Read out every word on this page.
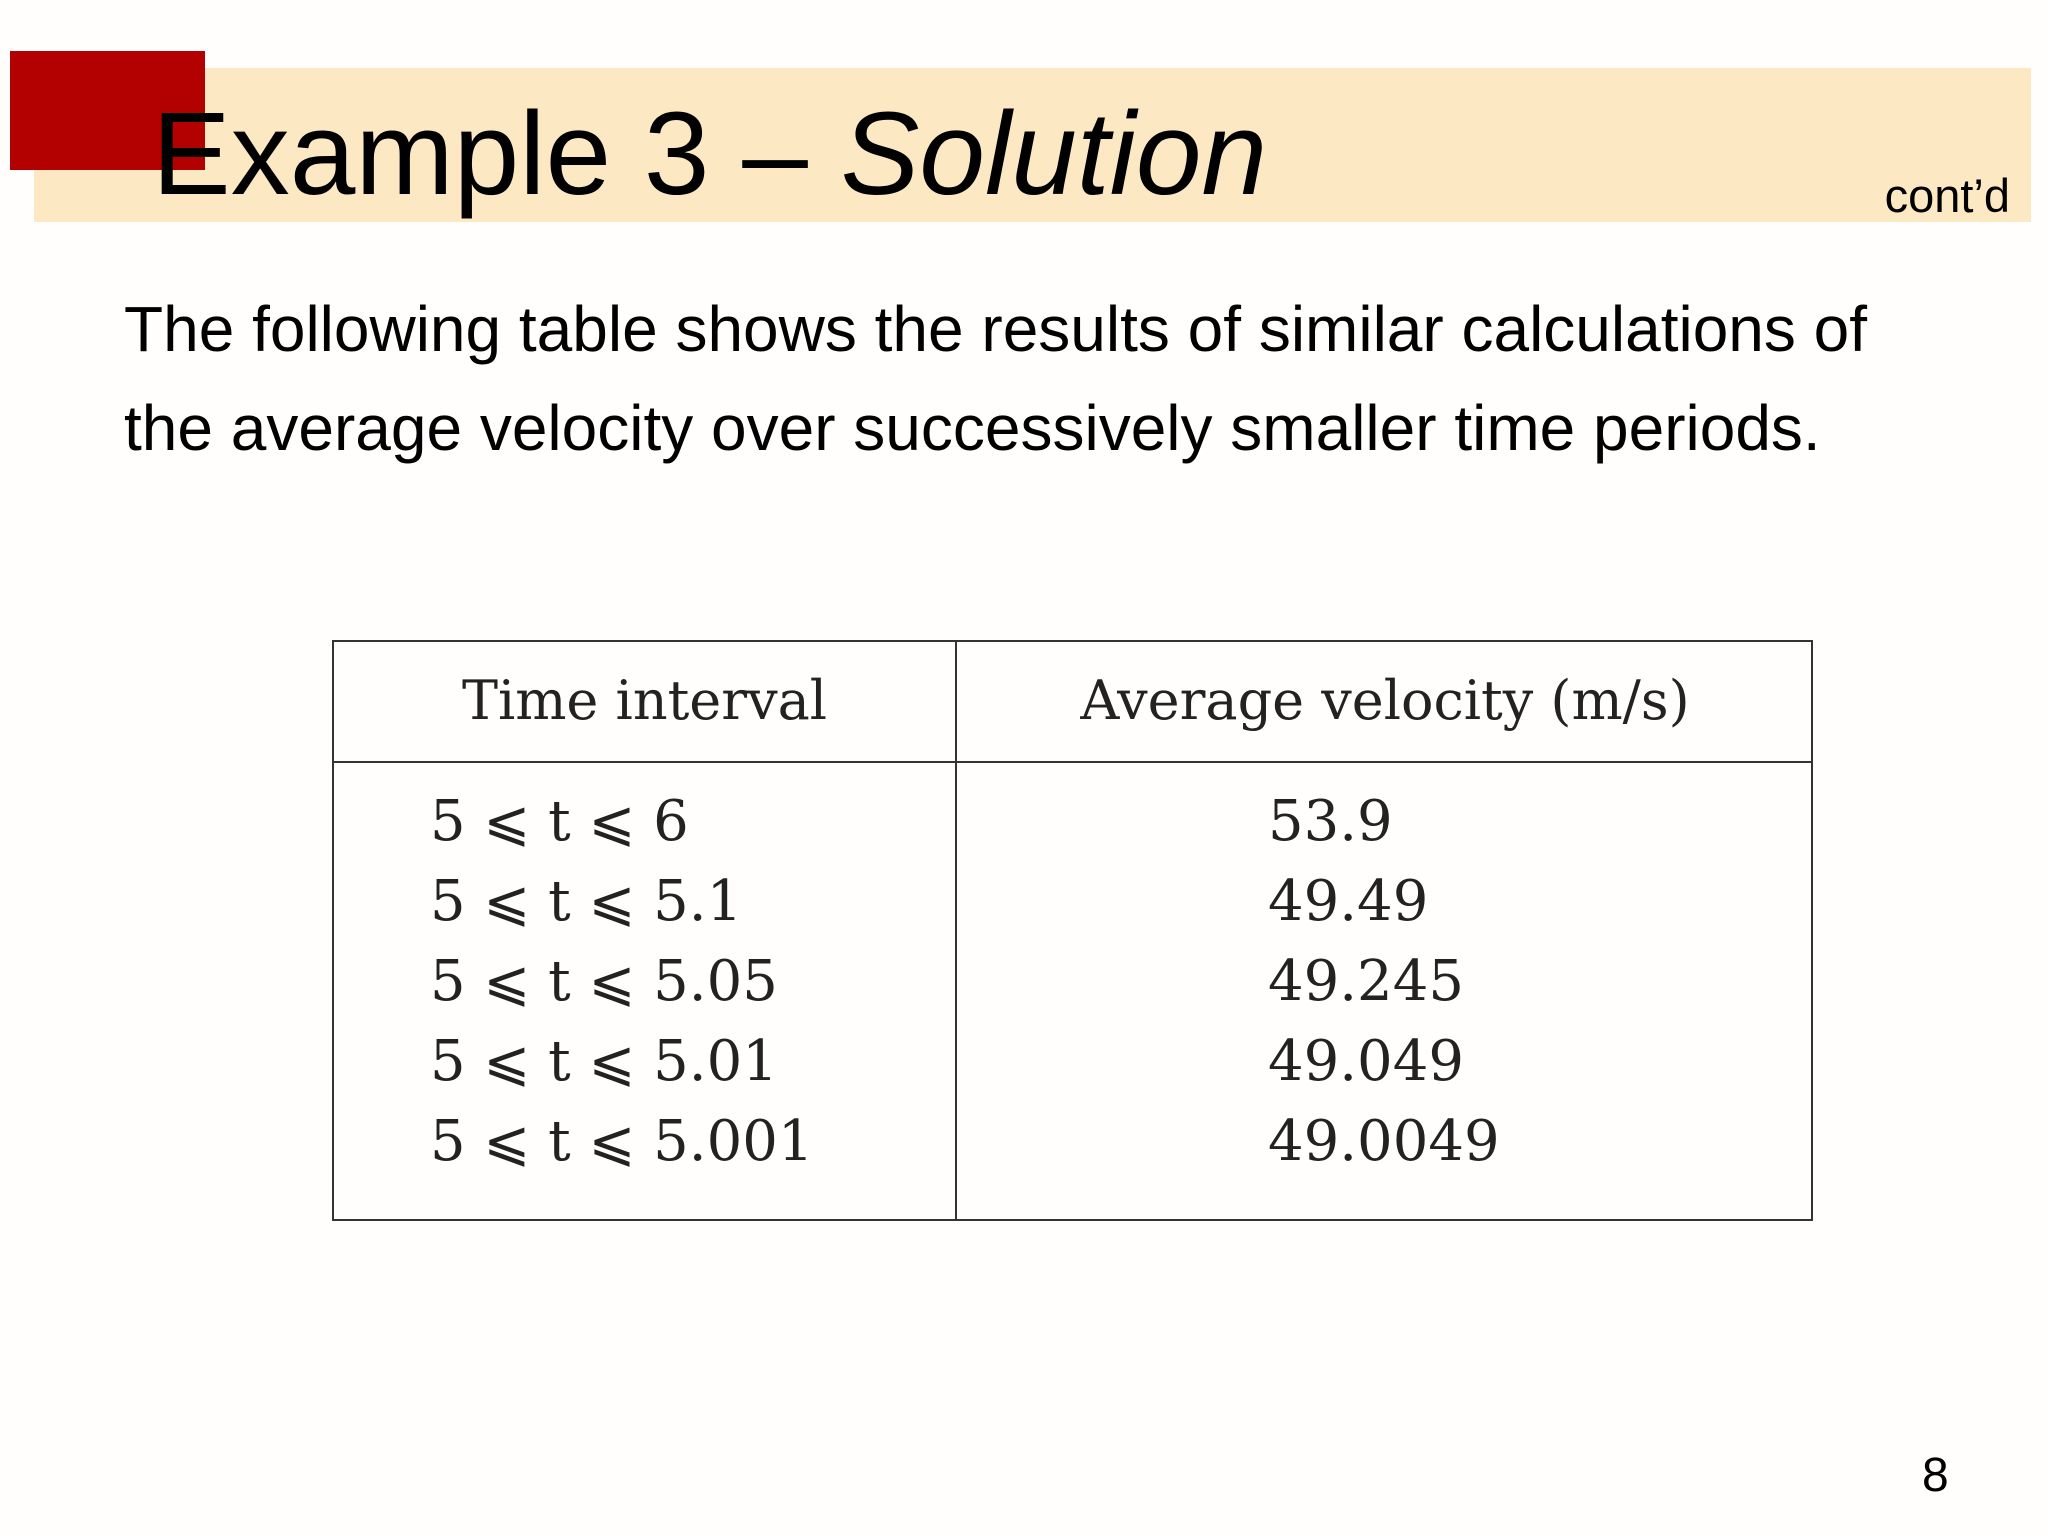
Example 3 – Solution	cont’d
The following table shows the results of similar calculations of the average velocity over successively smaller time periods.
Time interval	Average velocity (m/s)
5 ⩽ t ⩽ 6
5 ⩽ t ⩽ 5.1
5 ⩽ t ⩽ 5.05
5 ⩽ t ⩽ 5.01
5 ⩽ t ⩽ 5.001
53.9
49.49
49.245
49.049
49.0049
8
